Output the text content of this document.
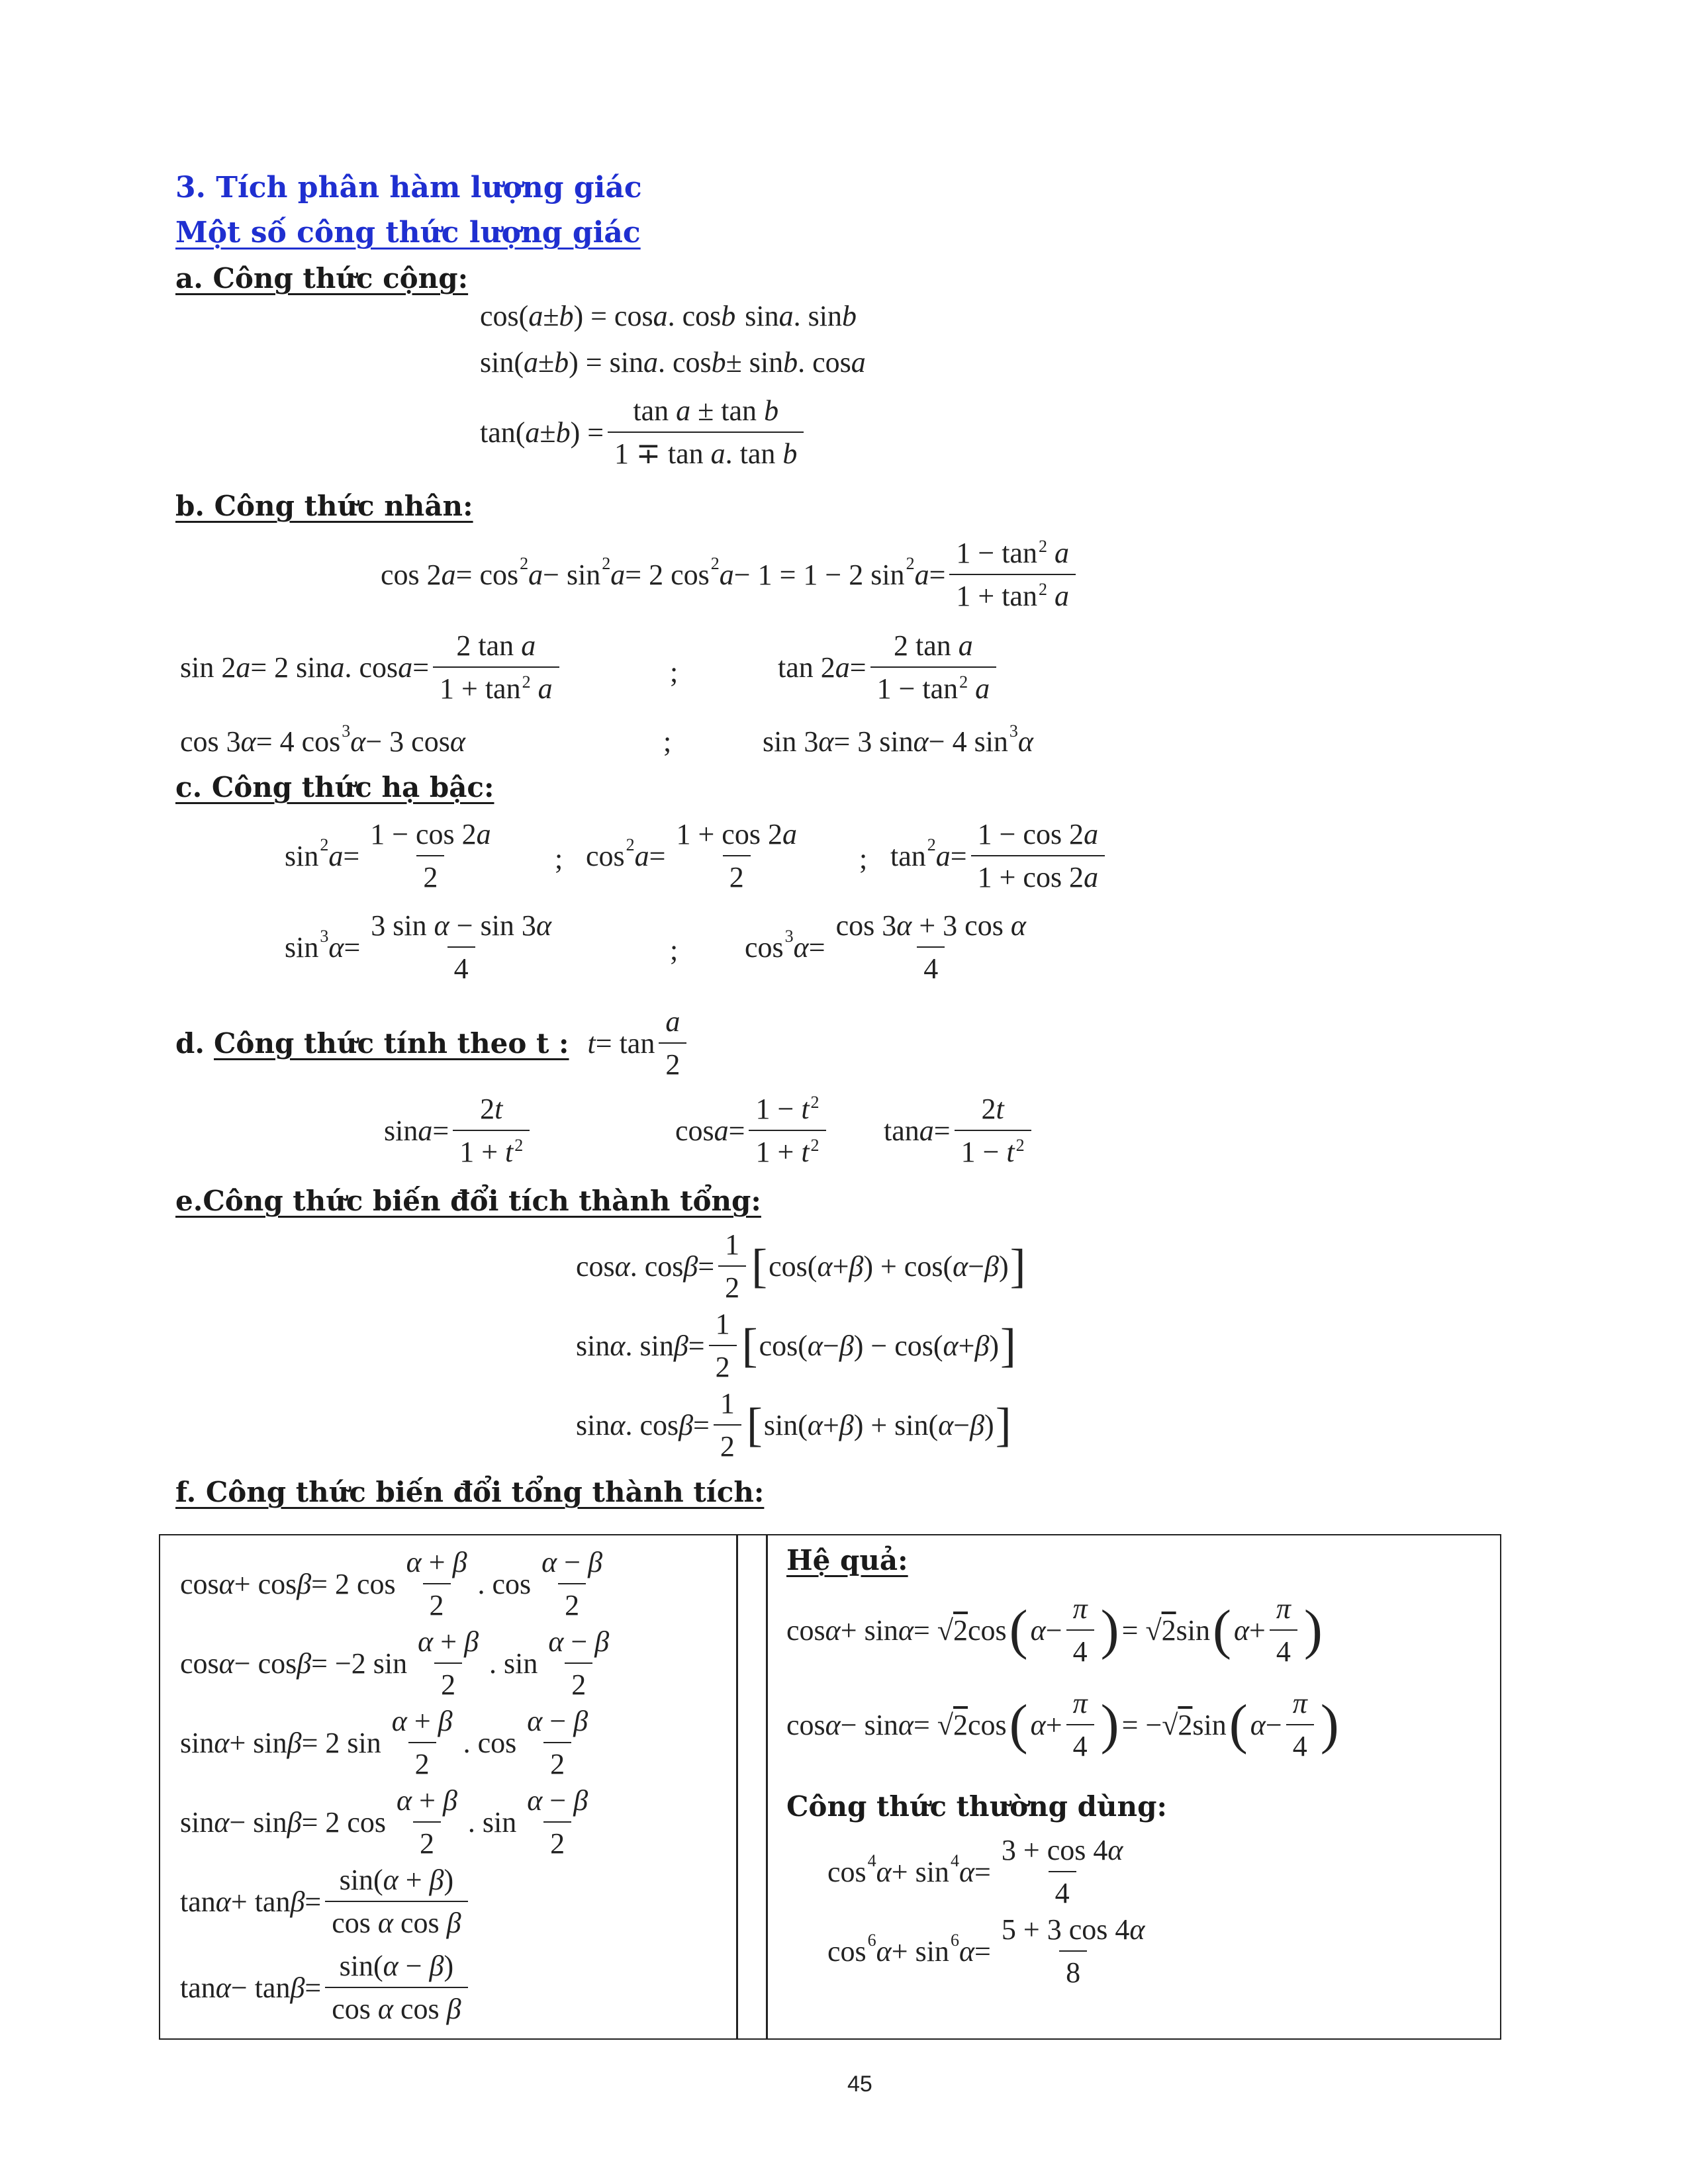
3. Tích phân hàm lượng giác
Một số công thức lượng giác
a. Công thức cộng:
cos( a ± b ) = cos a . cos b sin a . sin b
sin( a ± b ) = sin a . cos b ± sin b . cos a
tan( a ± b ) = $\frac{\text{tan a ± tan b}}{\text{1 ∓ tan a. tan b}}$
b. Công thức nhân:
cos 2 a = cos 2 a − sin 2 a = 2 cos 2 a − 1 = 1 − 2 sin 2 $a = \frac{1 - \tan^2 a}{1 + \tan^2 a}$
sin 2 a = 2 sin a . $\cos a = \frac{\text{2 tan a}}{1 + \tan^2 a}$	;	tan 2 $a = \frac{\text{2 tan a}}{1 - \tan^2 a}$
cos 3 α = 4 cos 3 α − 3 cos α	;	sin 3 α = 3 sin α − 4 sin 3 α
c. Công thức hạ bậc:
sin 2 $a = \frac{1 - \cos 2a}{2}$ ; cos 2 $a = \frac{1 + \cos 2a}{2}$ ; tan 2 $a = \frac{1 - \cos 2a}{1 + \cos 2a}$
sin 3 $\alpha = \frac{\text{3 sin α − sin 3α}}{4}$	; cos 3 $\alpha = \frac{\text{cos 3α + 3 cos α}}{4}$
d. Công thức tính theo t : $t = \tan \frac{a}{2}$
$\sin a = \frac{2t}{1 + t^2}$	$\cos a = \frac{1 - t^2}{1 + t^2}$ $\tan a = \frac{2t}{1 - t^2}$
e.Công thức biến đổi tích thành tổng:
cos α . $\cos \beta = \frac{1}{2}$ [ cos( α + β ) + cos( α − β ) ]
sin α . $\sin \beta = \frac{1}{2}$ [ cos( α − β ) − cos( α + β ) ]
sin α . $\cos \beta = \frac{1}{2}$ [ sin( α + β ) + sin( α − β ) ]
f. Công thức biến đổi tổng thành tích:
cos α + cos β = 2 $\cos \frac{\alpha + \beta}{2}$ . $\cos \frac{\alpha - \beta}{2}$
cos α − cos β = −2 $\sin \frac{\alpha + \beta}{2}$ . $\sin \frac{\alpha - \beta}{2}$
sin α + sin β = 2 $\sin \frac{\alpha + \beta}{2}$ . $\cos \frac{\alpha - \beta}{2}$
sin α − sin β = 2 $\cos \frac{\alpha + \beta}{2}$ . $\sin \frac{\alpha - \beta}{2}$
$\tan \alpha + \tan \beta = \frac{\sin(\alpha + \beta)}{\text{cos α cos β}}$
$\tan \alpha - \tan \beta = \frac{\sin(\alpha - \beta)}{\text{cos α cos β}}$
Hệ quả:
cos α + sin α = √ 2 cos ( $\alpha - \frac{\pi}{4}$ ) = √ 2 sin ( $\alpha + \frac{\pi}{4}$ )
cos α − sin α = √ 2 cos ( $\alpha + \frac{\pi}{4}$ ) = −√ 2 sin ( $\alpha - \frac{\pi}{4}$ )
Công thức thường dùng:
cos 4 α + sin 4 $\alpha = \frac{3 + \cos 4\alpha}{4}$
cos 6 α + sin 6 $\alpha = \frac{5 + 3 \cos 4\alpha}{8}$
45
